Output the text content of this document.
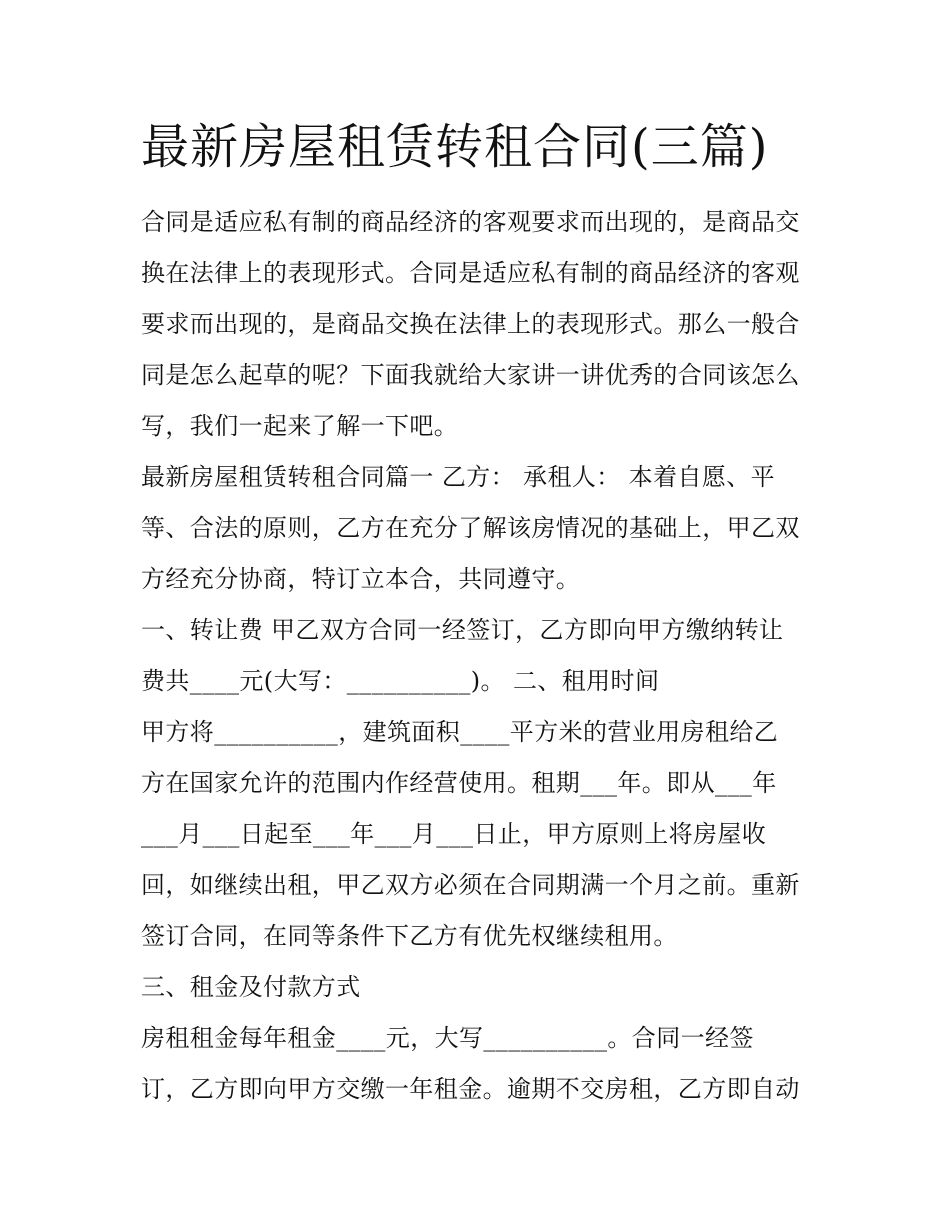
最新房屋租赁转租合同(三篇)

合同是适应私有制的商品经济的客观要求而出现的，是商品交

换在法律上的表现形式。合同是适应私有制的商品经济的客观

要求而出现的，是商品交换在法律上的表现形式。那么一般合

同是怎么起草的呢？下面我就给大家讲一讲优秀的合同该怎么

写，我们一起来了解一下吧。

最新房屋租赁转租合同篇一 乙方： 承租人： 本着自愿、平

等、合法的原则，乙方在充分了解该房情况的基础上，甲乙双

方经充分协商，特订立本合，共同遵守。

一、转让费 甲乙双方合同一经签订，乙方即向甲方缴纳转让

费共____元(大写：__________)。 二、租用时间

甲方将__________，建筑面积____平方米的营业用房租给乙

方在国家允许的范围内作经营使用。租期___年。即从___年

___月___日起至___年___月___日止，甲方原则上将房屋收

回，如继续出租，甲乙双方必须在合同期满一个月之前。重新

签订合同，在同等条件下乙方有优先权继续租用。

三、租金及付款方式

房租租金每年租金____元，大写__________。合同一经签

订，乙方即向甲方交缴一年租金。逾期不交房租，乙方即自动
